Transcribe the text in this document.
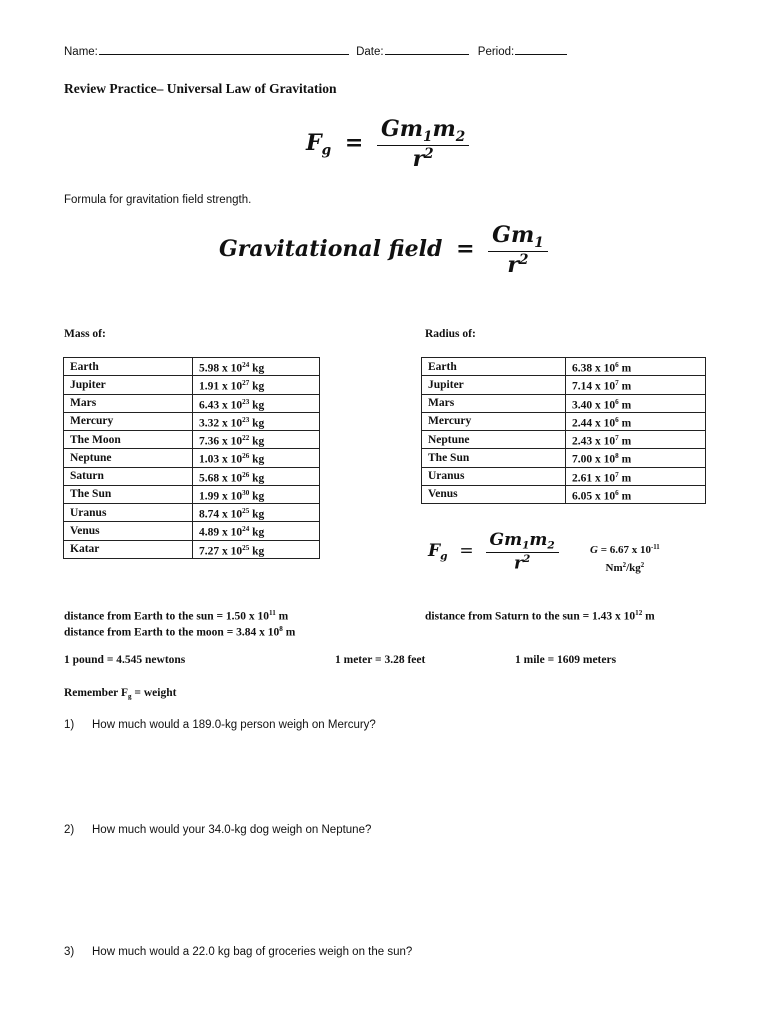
Name:	Date:	Period:
Review Practice– Universal Law of Gravitation
$F_g = \frac{Gm_1m_2}{r^2}$
Formula for gravitation field strength.
Gravitational field = $\frac{Gm_1}{r^2}$
Mass of:	Radius of:
Earth	5.98 x $10^{24}$ kg
Jupiter	1.91 x $10^{27}$ kg
Mars	6.43 x $10^{23}$ kg
Mercury	3.32 x $10^{23}$ kg
The Moon	7.36 x $10^{22}$ kg
Neptune	1.03 x $10^{26}$ kg
Saturn	5.68 x $10^{26}$ kg
The Sun	1.99 x $10^{30}$ kg
Uranus	8.74 x $10^{25}$ kg
Venus	4.89 x $10^{24}$ kg
Katar	7.27 x $10^{25}$ kg
Earth	6.38 x $10^6$ m
Jupiter	7.14 x $10^7$ m
Mars	3.40 x $10^6$ m
Mercury	2.44 x $10^6$ m
Neptune	2.43 x $10^7$ m
The Sun	7.00 x $10^8$ m
Uranus	2.61 x $10^7$ m
Venus	6.05 x $10^6$ m
$F_g = \frac{Gm_1m_2}{r^2}$	G = 6.67 x $10^{-11}$
$Nm^2/kg^2$
distance from Earth to the sun = 1.50 x $10^{11}$ m
distance from Earth to the moon = 3.84 x $10^8$ m
distance from Saturn to the sun = 1.43 x $10^{12}$ m
1 pound = 4.545 newtons	1 meter = 3.28 feet	1 mile = 1609 meters
Remember $F_g$ = weight
1) How much would a 189.0-kg person weigh on Mercury?
2) How much would your 34.0-kg dog weigh on Neptune?
3) How much would a 22.0 kg bag of groceries weigh on the sun?
